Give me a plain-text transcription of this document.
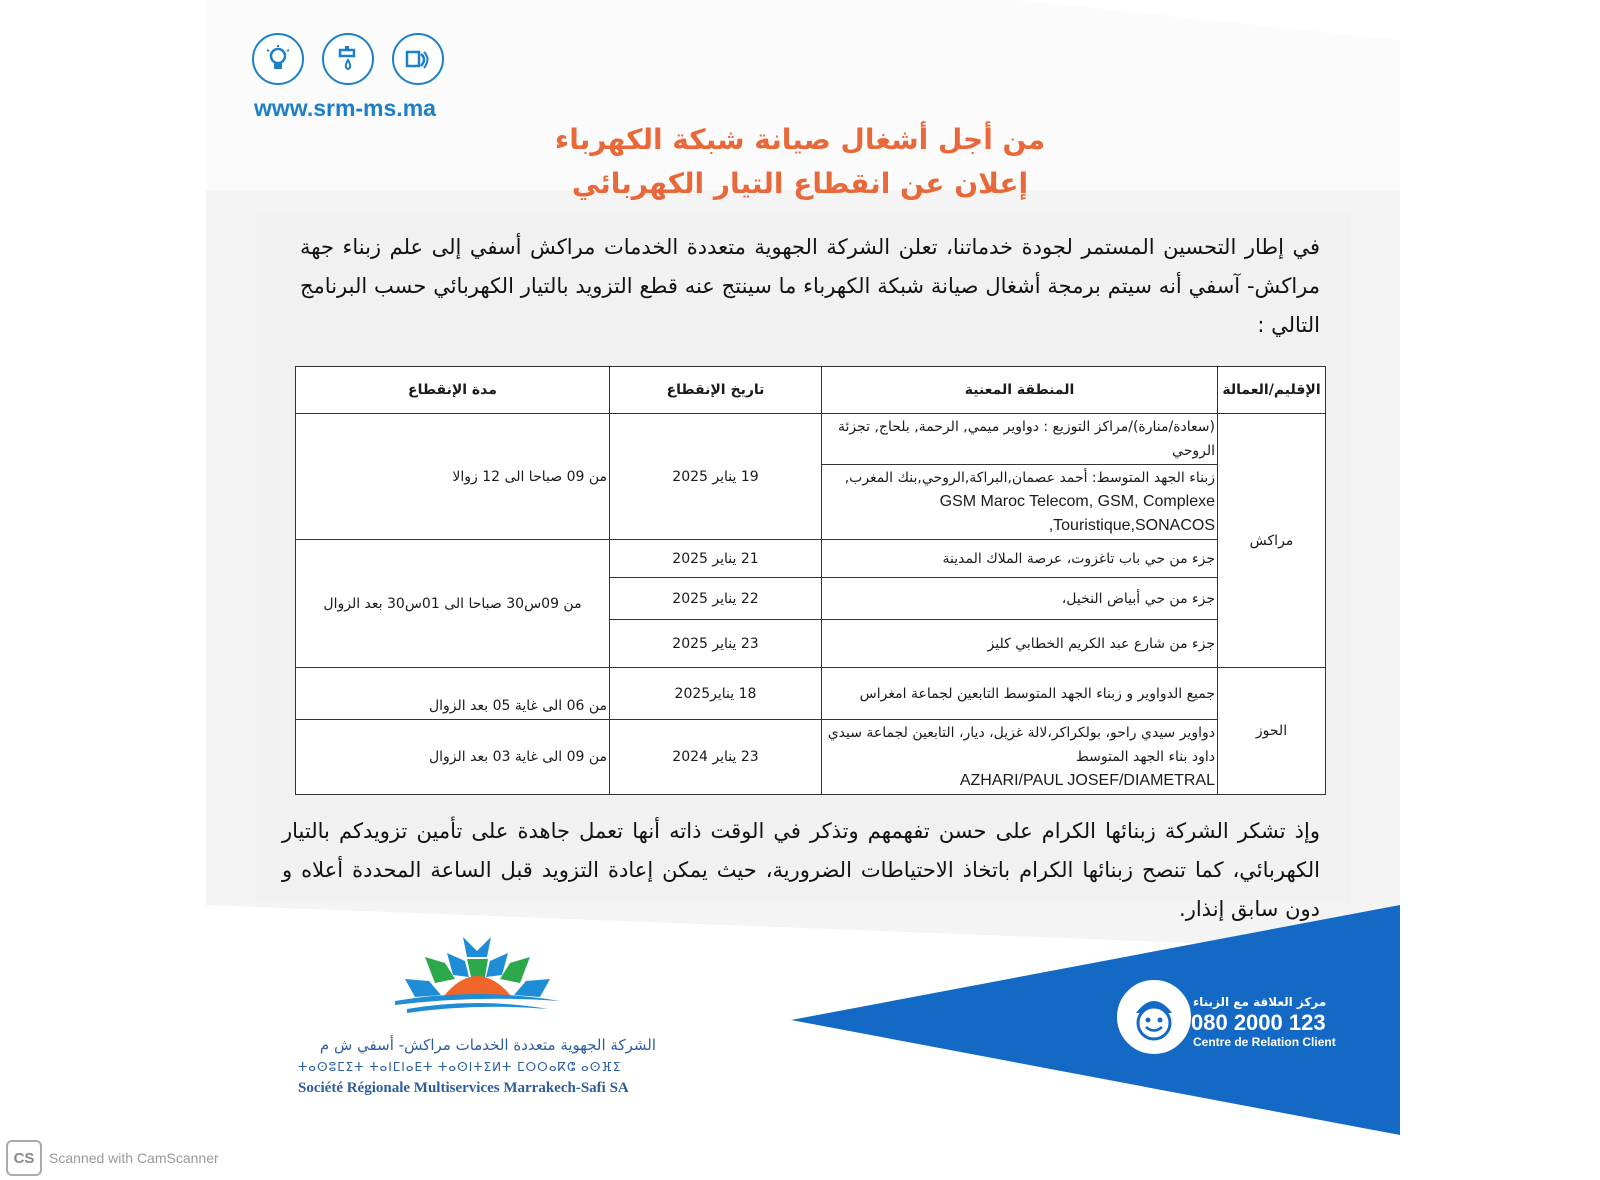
www.srm-ms.ma
من أجل أشغال صيانة شبكة الكهرباء
إعلان عن انقطاع التيار الكهربائي
في إطار التحسين المستمر لجودة خدماتنا، تعلن الشركة الجهوية متعددة الخدمات مراكش أسفي إلى علم زبناء جهة مراكش- آسفي أنه سيتم برمجة أشغال صيانة شبكة الكهرباء ما سينتج عنه قطع التزويد بالتيار الكهربائي حسب البرنامج التالي :
الإقليم/العمالة	المنطقة المعنية	تاريخ الإنقطاع	مدة الإنقطاع
مراكش	(سعادة/منارة)/مراكز التوزيع : دواوير ميمي, الرحمة, بلحاج, تجزئة الروحي	19 يناير 2025	من 09 صباحا الى 12 زوالا

	زبناء الجهد المتوسط: أحمد عصمان,البراكة,الروحي,بنك المغرب,
GSM Maroc Telecom, GSM, Complexe Touristique,SONACOS,		

	جزء من حي باب تاغزوت، عرصة الملاك المدينة	21 يناير 2025	من 09س30 صباحا الى 01س30 بعد الزوال
	جزء من حي أبياض النخيل،	22 يناير 2025	
	جزء من شارع عبد الكريم الخطابي كليز	23 يناير 2025	
الحوز	جميع الدواوير و زبناء الجهد المتوسط التابعين لجماعة امغراس	18 يناير2025	من 06 الى غاية 05 بعد الزوال

	دواوير سيدي راحو، بولكراكر،لالة غزيل، ديار، التابعين لجماعة سيدي داود بناء الجهد المتوسط
AZHARI/PAUL JOSEF/DIAMETRAL	23 يناير 2024	من 09 الى غاية 03 بعد الزوال
وإذ تشكر الشركة زبنائها الكرام على حسن تفهمهم وتذكر في الوقت ذاته أنها تعمل جاهدة على تأمين تزويدكم بالتيار الكهربائي، كما تنصح زبنائها الكرام باتخاذ الاحتياطات الضرورية، حيث يمكن إعادة التزويد قبل الساعة المحددة أعلاه و دون سابق إنذار.
الشركة الجهوية متعددة الخدمات مراكش- أسفي ش م
ⵜⴰⵙⵓⵎⵉⵜ ⵜⴰⵏⵎⵏⴰⴹⵜ ⵜⴰⵙⵏⵜⵉⵍⵜ ⵎⵔⵔⴰⴽⵛ ⴰⵙⴼⵉ
Société Régionale Multiservices Marrakech-Safi SA
مركز العلاقة مع الزبناء
080 2000 123
Centre de Relation Client
CS	Scanned with CamScanner
